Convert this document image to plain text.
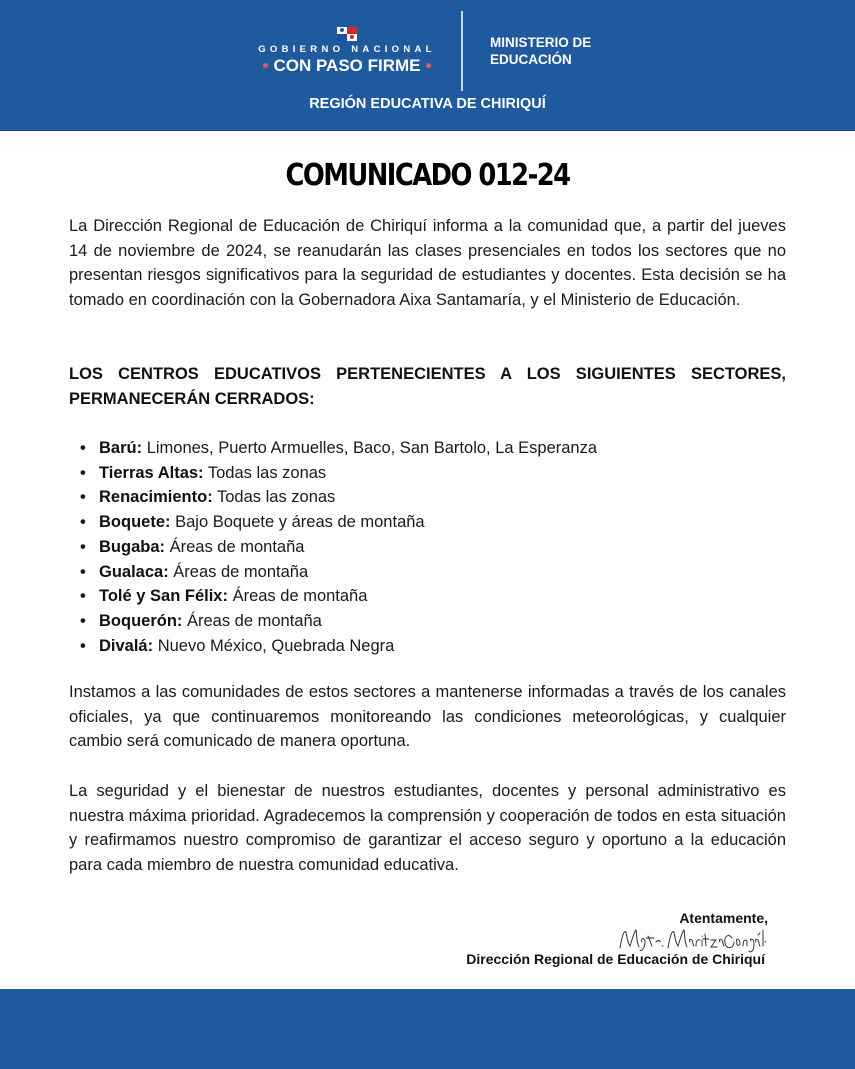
GOBIERNO NACIONAL
CON PASO FIRME
MINISTERIO DE
EDUCACIÓN
REGIÓN EDUCATIVA DE CHIRIQUÍ
COMUNICADO 012-24

La Dirección Regional de Educación de Chiriquí informa a la comunidad que, a partir del jueves 14 de noviembre de 2024, se reanudarán las clases presenciales en todos los sectores que no presentan riesgos significativos para la seguridad de estudiantes y docentes. Esta decisión se ha tomado en coordinación con la Gobernadora Aixa Santamaría, y el Ministerio de Educación.

LOS CENTROS EDUCATIVOS PERTENECIENTES A LOS SIGUIENTES SECTORES, PERMANECERÁN CERRADOS:

• Barú: Limones, Puerto Armuelles, Baco, San Bartolo, La Esperanza
• Tierras Altas: Todas las zonas
• Renacimiento: Todas las zonas
• Boquete: Bajo Boquete y áreas de montaña
• Bugaba: Áreas de montaña
• Gualaca: Áreas de montaña
• Tolé y San Félix: Áreas de montaña
• Boquerón: Áreas de montaña
• Divalá: Nuevo México, Quebrada Negra

Instamos a las comunidades de estos sectores a mantenerse informadas a través de los canales oficiales, ya que continuaremos monitoreando las condiciones meteorológicas, y cualquier cambio será comunicado de manera oportuna.

La seguridad y el bienestar de nuestros estudiantes, docentes y personal administrativo es nuestra máxima prioridad. Agradecemos la comprensión y cooperación de todos en esta situación y reafirmamos nuestro compromiso de garantizar el acceso seguro y oportuno a la educación para cada miembro de nuestra comunidad educativa.

Atentamente,
Dirección Regional de Educación de Chiriquí
